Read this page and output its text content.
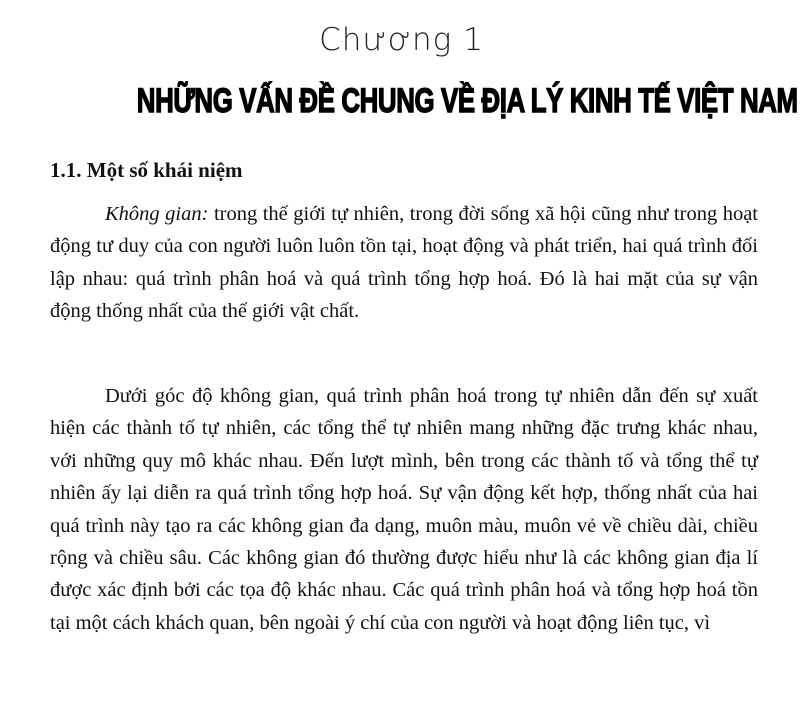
Chương 1
NHỮNG VẤN ĐỀ CHUNG VỀ ĐỊA LÝ KINH TẾ VIỆT NAM
1.1. Một số khái niệm

Không gian: trong thế giới tự nhiên, trong đời sống xã hội cũng như trong hoạt động tư duy của con người luôn luôn tồn tại, hoạt động và phát triển, hai quá trình đối lập nhau: quá trình phân hoá và quá trình tổng hợp hoá. Đó là hai mặt của sự vận động thống nhất của thế giới vật chất.

Dưới góc độ không gian, quá trình phân hoá trong tự nhiên dẫn đến sự xuất hiện các thành tố tự nhiên, các tổng thể tự nhiên mang những đặc trưng khác nhau, với những quy mô khác nhau. Đến lượt mình, bên trong các thành tố và tổng thể tự nhiên ấy lại diễn ra quá trình tổng hợp hoá. Sự vận động kết hợp, thống nhất của hai quá trình này tạo ra các không gian đa dạng, muôn màu, muôn vẻ về chiều dài, chiều rộng và chiều sâu. Các không gian đó thường được hiểu như là các không gian địa lí được xác định bởi các tọa độ khác nhau. Các quá trình phân hoá và tổng hợp hoá tồn tại một cách khách quan, bên ngoài ý chí của con người và hoạt động liên tục, vì
